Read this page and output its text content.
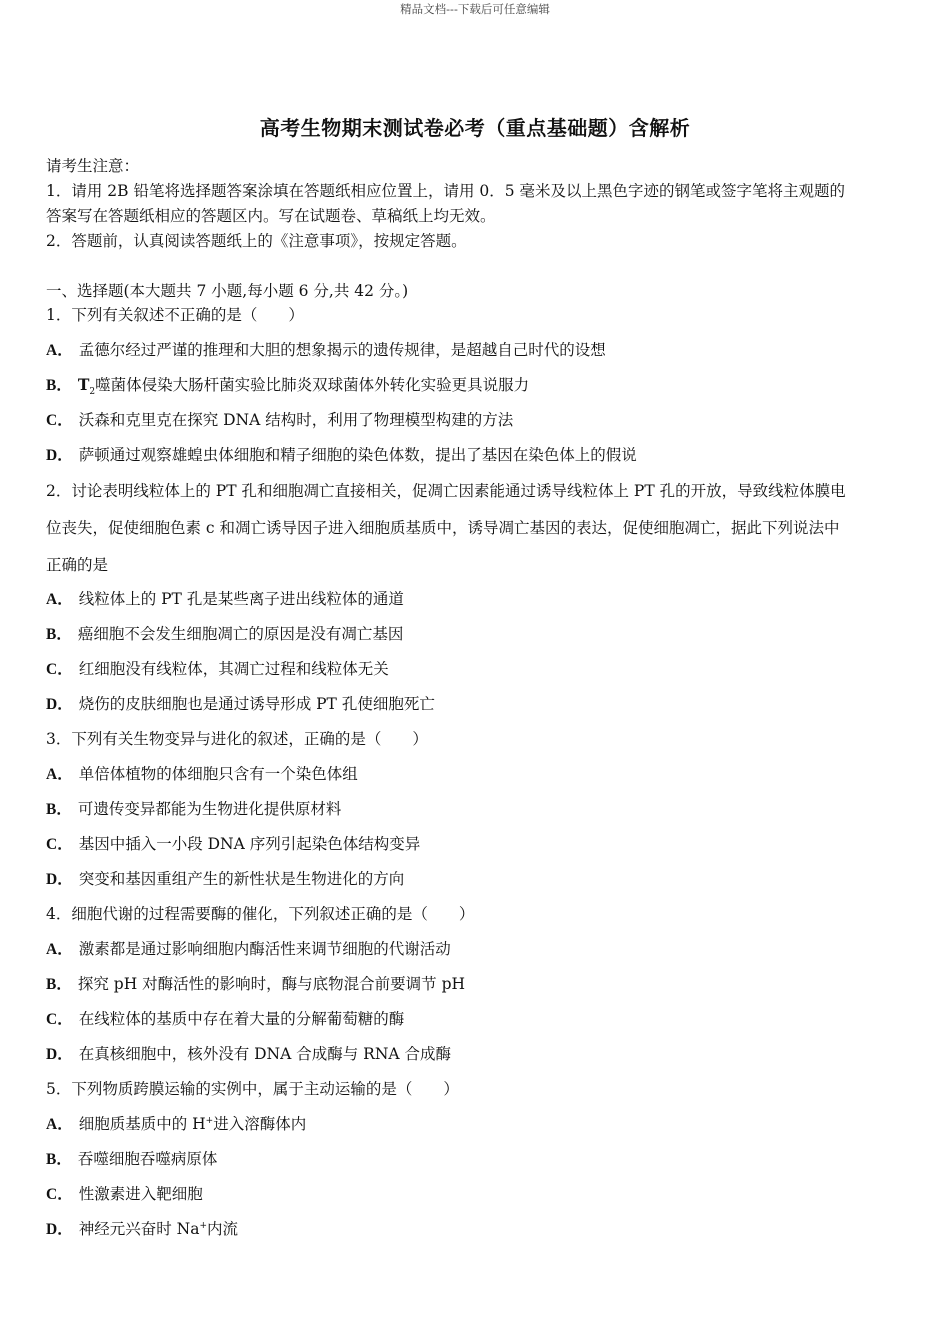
精品文档---下载后可任意编辑
高考生物期末测试卷必考（重点基础题）含解析
请考生注意：
1．请用 2B 铅笔将选择题答案涂填在答题纸相应位置上，请用 0．5 毫米及以上黑色字迹的钢笔或签字笔将主观题的
答案写在答题纸相应的答题区内。写在试题卷、草稿纸上均无效。
2．答题前，认真阅读答题纸上的《注意事项》，按规定答题。
一、选择题(本大题共 7 小题,每小题 6 分,共 42 分。)
1．下列有关叙述不正确的是（　　）
A． 孟德尔经过严谨的推理和大胆的想象揭示的遗传规律，是超越自己时代的设想
B． $T_2$噬菌体侵染大肠杆菌实验比肺炎双球菌体外转化实验更具说服力
C． 沃森和克里克在探究 DNA 结构时，利用了物理模型构建的方法
D． 萨顿通过观察雄蝗虫体细胞和精子细胞的染色体数，提出了基因在染色体上的假说
2．讨论表明线粒体上的 PT 孔和细胞凋亡直接相关，促凋亡因素能通过诱导线粒体上 PT 孔的开放，导致线粒体膜电
位丧失，促使细胞色素 c 和凋亡诱导因子进入细胞质基质中，诱导凋亡基因的表达，促使细胞凋亡，据此下列说法中
正确的是
A． 线粒体上的 PT 孔是某些离子进出线粒体的通道
B． 癌细胞不会发生细胞凋亡的原因是没有凋亡基因
C． 红细胞没有线粒体，其凋亡过程和线粒体无关
D． 烧伤的皮肤细胞也是通过诱导形成 PT 孔使细胞死亡
3．下列有关生物变异与进化的叙述，正确的是（　　）
A． 单倍体植物的体细胞只含有一个染色体组
B． 可遗传变异都能为生物进化提供原材料
C． 基因中插入一小段 DNA 序列引起染色体结构变异
D． 突变和基因重组产生的新性状是生物进化的方向
4．细胞代谢的过程需要酶的催化，下列叙述正确的是（　　）
A． 激素都是通过影响细胞内酶活性来调节细胞的代谢活动
B． 探究 pH 对酶活性的影响时，酶与底物混合前要调节 pH
C． 在线粒体的基质中存在着大量的分解葡萄糖的酶
D． 在真核细胞中，核外没有 DNA 合成酶与 RNA 合成酶
5．下列物质跨膜运输的实例中，属于主动运输的是（　　）
A． 细胞质基质中的 H+进入溶酶体内
B． 吞噬细胞吞噬病原体
C． 性激素进入靶细胞
D． 神经元兴奋时 Na+内流
